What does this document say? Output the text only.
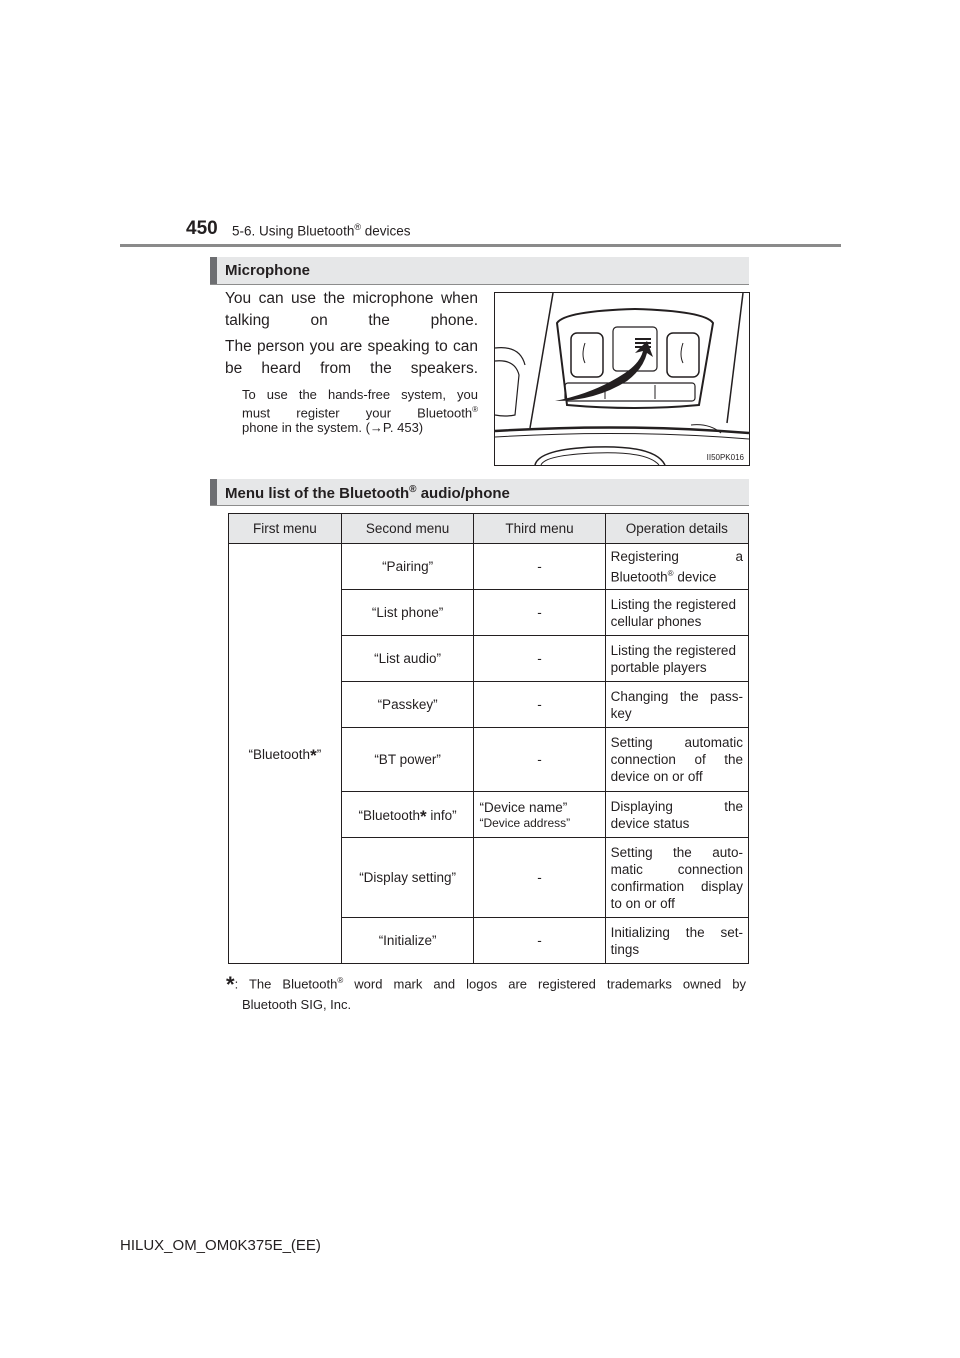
450 5-6. Using Bluetooth® devices
Microphone
You can use the microphone when talking on the phone.
The person you are speaking to can be heard from the speakers.
To use the hands-free system, you
must register your Bluetooth®
phone in the system. (→P. 453)
II50PK016
Menu list of the Bluetooth® audio/phone
First menu	Second menu	Third menu	Operation details
“Bluetooth*”	“Pairing”	-	Registering a
Bluetooth® device
	“List phone”	-	Listing the registered
cellular phones
	“List audio”	-	Listing the registered
portable players
	“Passkey”	-	Changing the pass-
key
	“BT power”	-	Setting automatic
connection of the
device on or off
	“Bluetooth* info”	“Device name”
“Device address”	Displaying the
device status
	“Display setting”	-	Setting the auto-
matic connection
confirmation display
to on or off
	“Initialize”	-	Initializing the set-
tings
*: The Bluetooth® word mark and logos are registered trademarks owned by
Bluetooth SIG, Inc.
HILUX_OM_OM0K375E_(EE)
